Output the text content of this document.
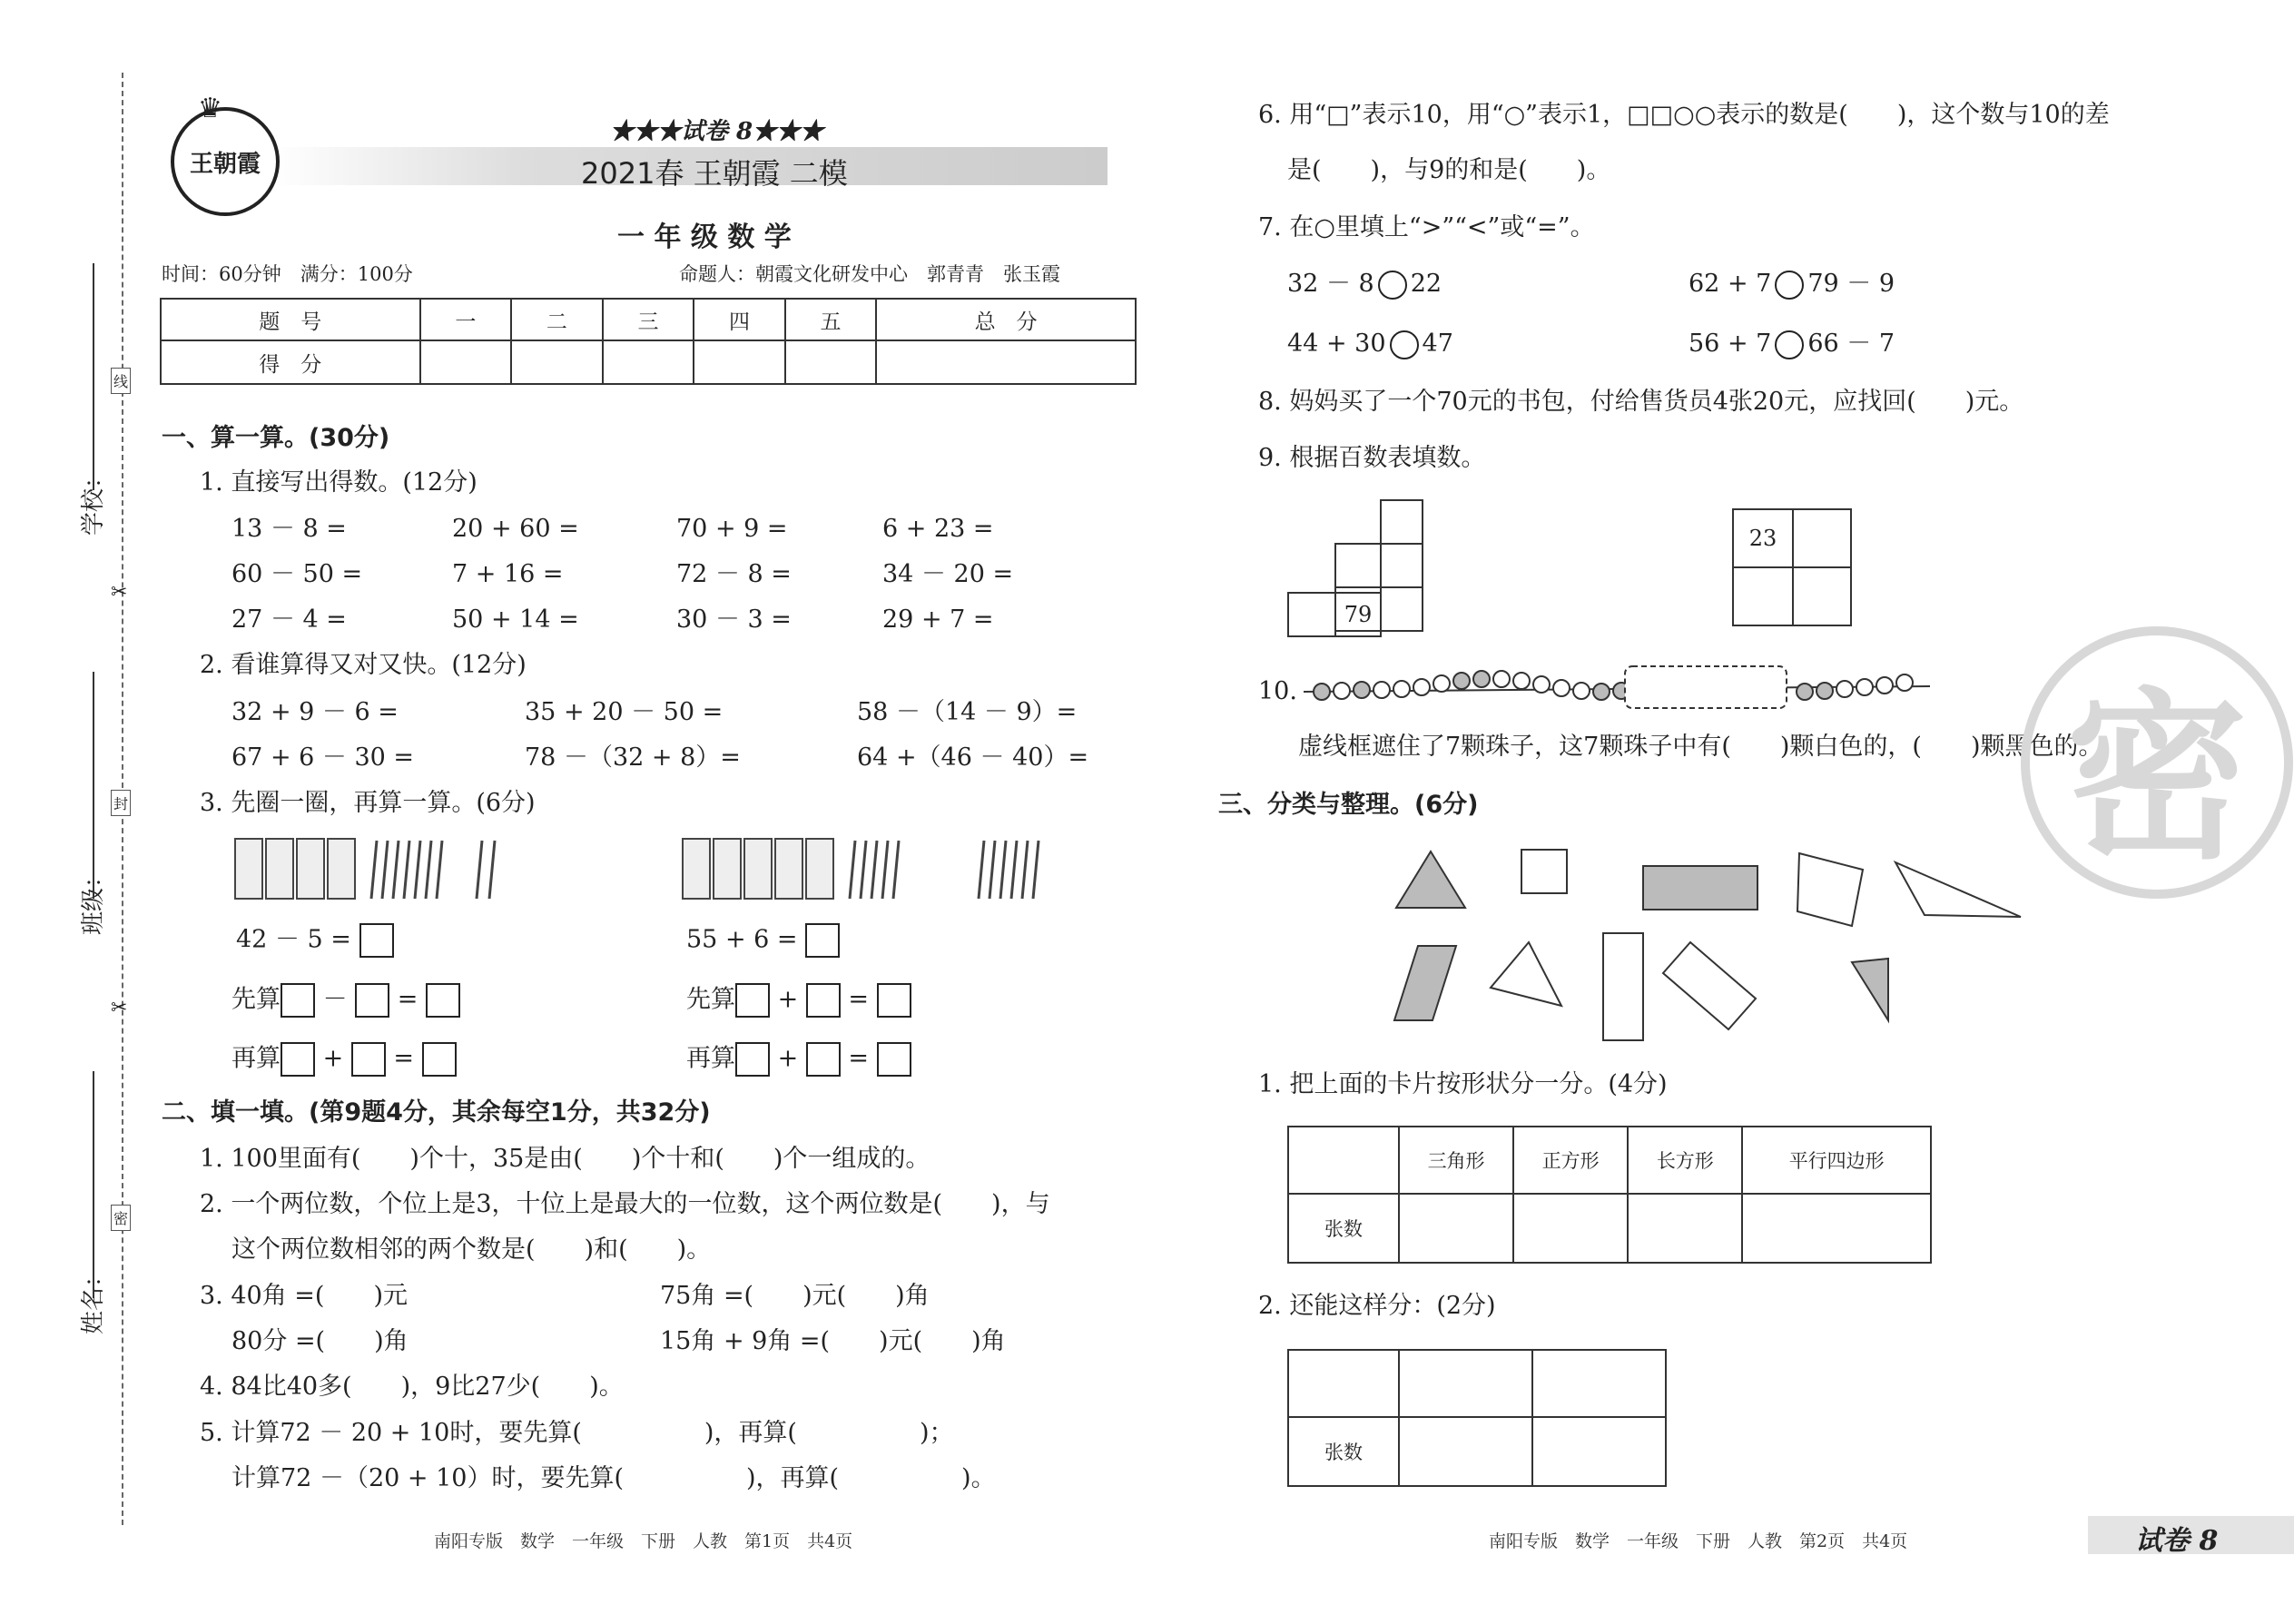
学校：
班级：
姓名：
线
封
密
✂
✂
王朝霞
♛
★★★试卷 8★★★
2021春 王朝霞 二模
一 年 级 数 学
时间：60分钟　满分：100分	命题人：朝霞文化研发中心　郭青青　张玉霞
题　号	一	二	三	四	五	总　分
得　分						
一、算一算。(30分)
1. 直接写出得数。(12分)
13 － 8 =	20 + 60 =	70 + 9 =	6 + 23 =
60 － 50 =	7 + 16 =	72 － 8 =	34 － 20 =
27 － 4 =	50 + 14 =	30 － 3 =	29 + 7 =
2. 看谁算得又对又快。(12分)
32 + 9 － 6 =	35 + 20 － 50 =	58 －（14 － 9）=
67 + 6 － 30 =	78 －（32 + 8）=	64 +（46 － 40）=
3. 先圈一圈，再算一算。(6分)
42 － 5 =	55 + 6 =
先算 － =
再算 + =
先算 + =
再算 + =
二、填一填。(第9题4分，其余每空1分，共32分)
1. 100里面有(　　)个十，35是由(　　)个十和(　　)个一组成的。
2. 一个两位数，个位上是3，十位上是最大的一位数，这个两位数是(　　)，与
这个两位数相邻的两个数是(　　)和(　　)。
3. 40角 =(　　)元	75角 =(　　)元(　　)角
80分 =(　　)角	15角 + 9角 =(　　)元(　　)角
4. 84比40多(　　)，9比27少(　　)。
5. 计算72 － 20 + 10时，要先算(　　　　　)，再算(　　　　　)；
计算72 －（20 + 10）时，要先算(　　　　　)，再算(　　　　　)。
南阳专版　数学　一年级　下册　人教　第1页　共4页
6. 用“□”表示10，用“○”表示1，□□○○表示的数是(　　)，这个数与10的差
是(　　)，与9的和是(　　)。
7. 在○里填上“>”“<”或“=”。
32 － 8 22	62 + 7 79 － 9
44 + 30 47	56 + 7 66 － 7
8. 妈妈买了一个70元的书包，付给售货员4张20元，应找回(　　)元。
9. 根据百数表填数。
79
23
10.
虚线框遮住了7颗珠子，这7颗珠子中有(　　)颗白色的，(　　)颗黑色的。
三、分类与整理。(6分)
1. 把上面的卡片按形状分一分。(4分)
	三角形	正方形	长方形	平行四边形
张数				
2. 还能这样分：(2分)

张数		
南阳专版　数学　一年级　下册　人教　第2页　共4页	试卷 8
密
